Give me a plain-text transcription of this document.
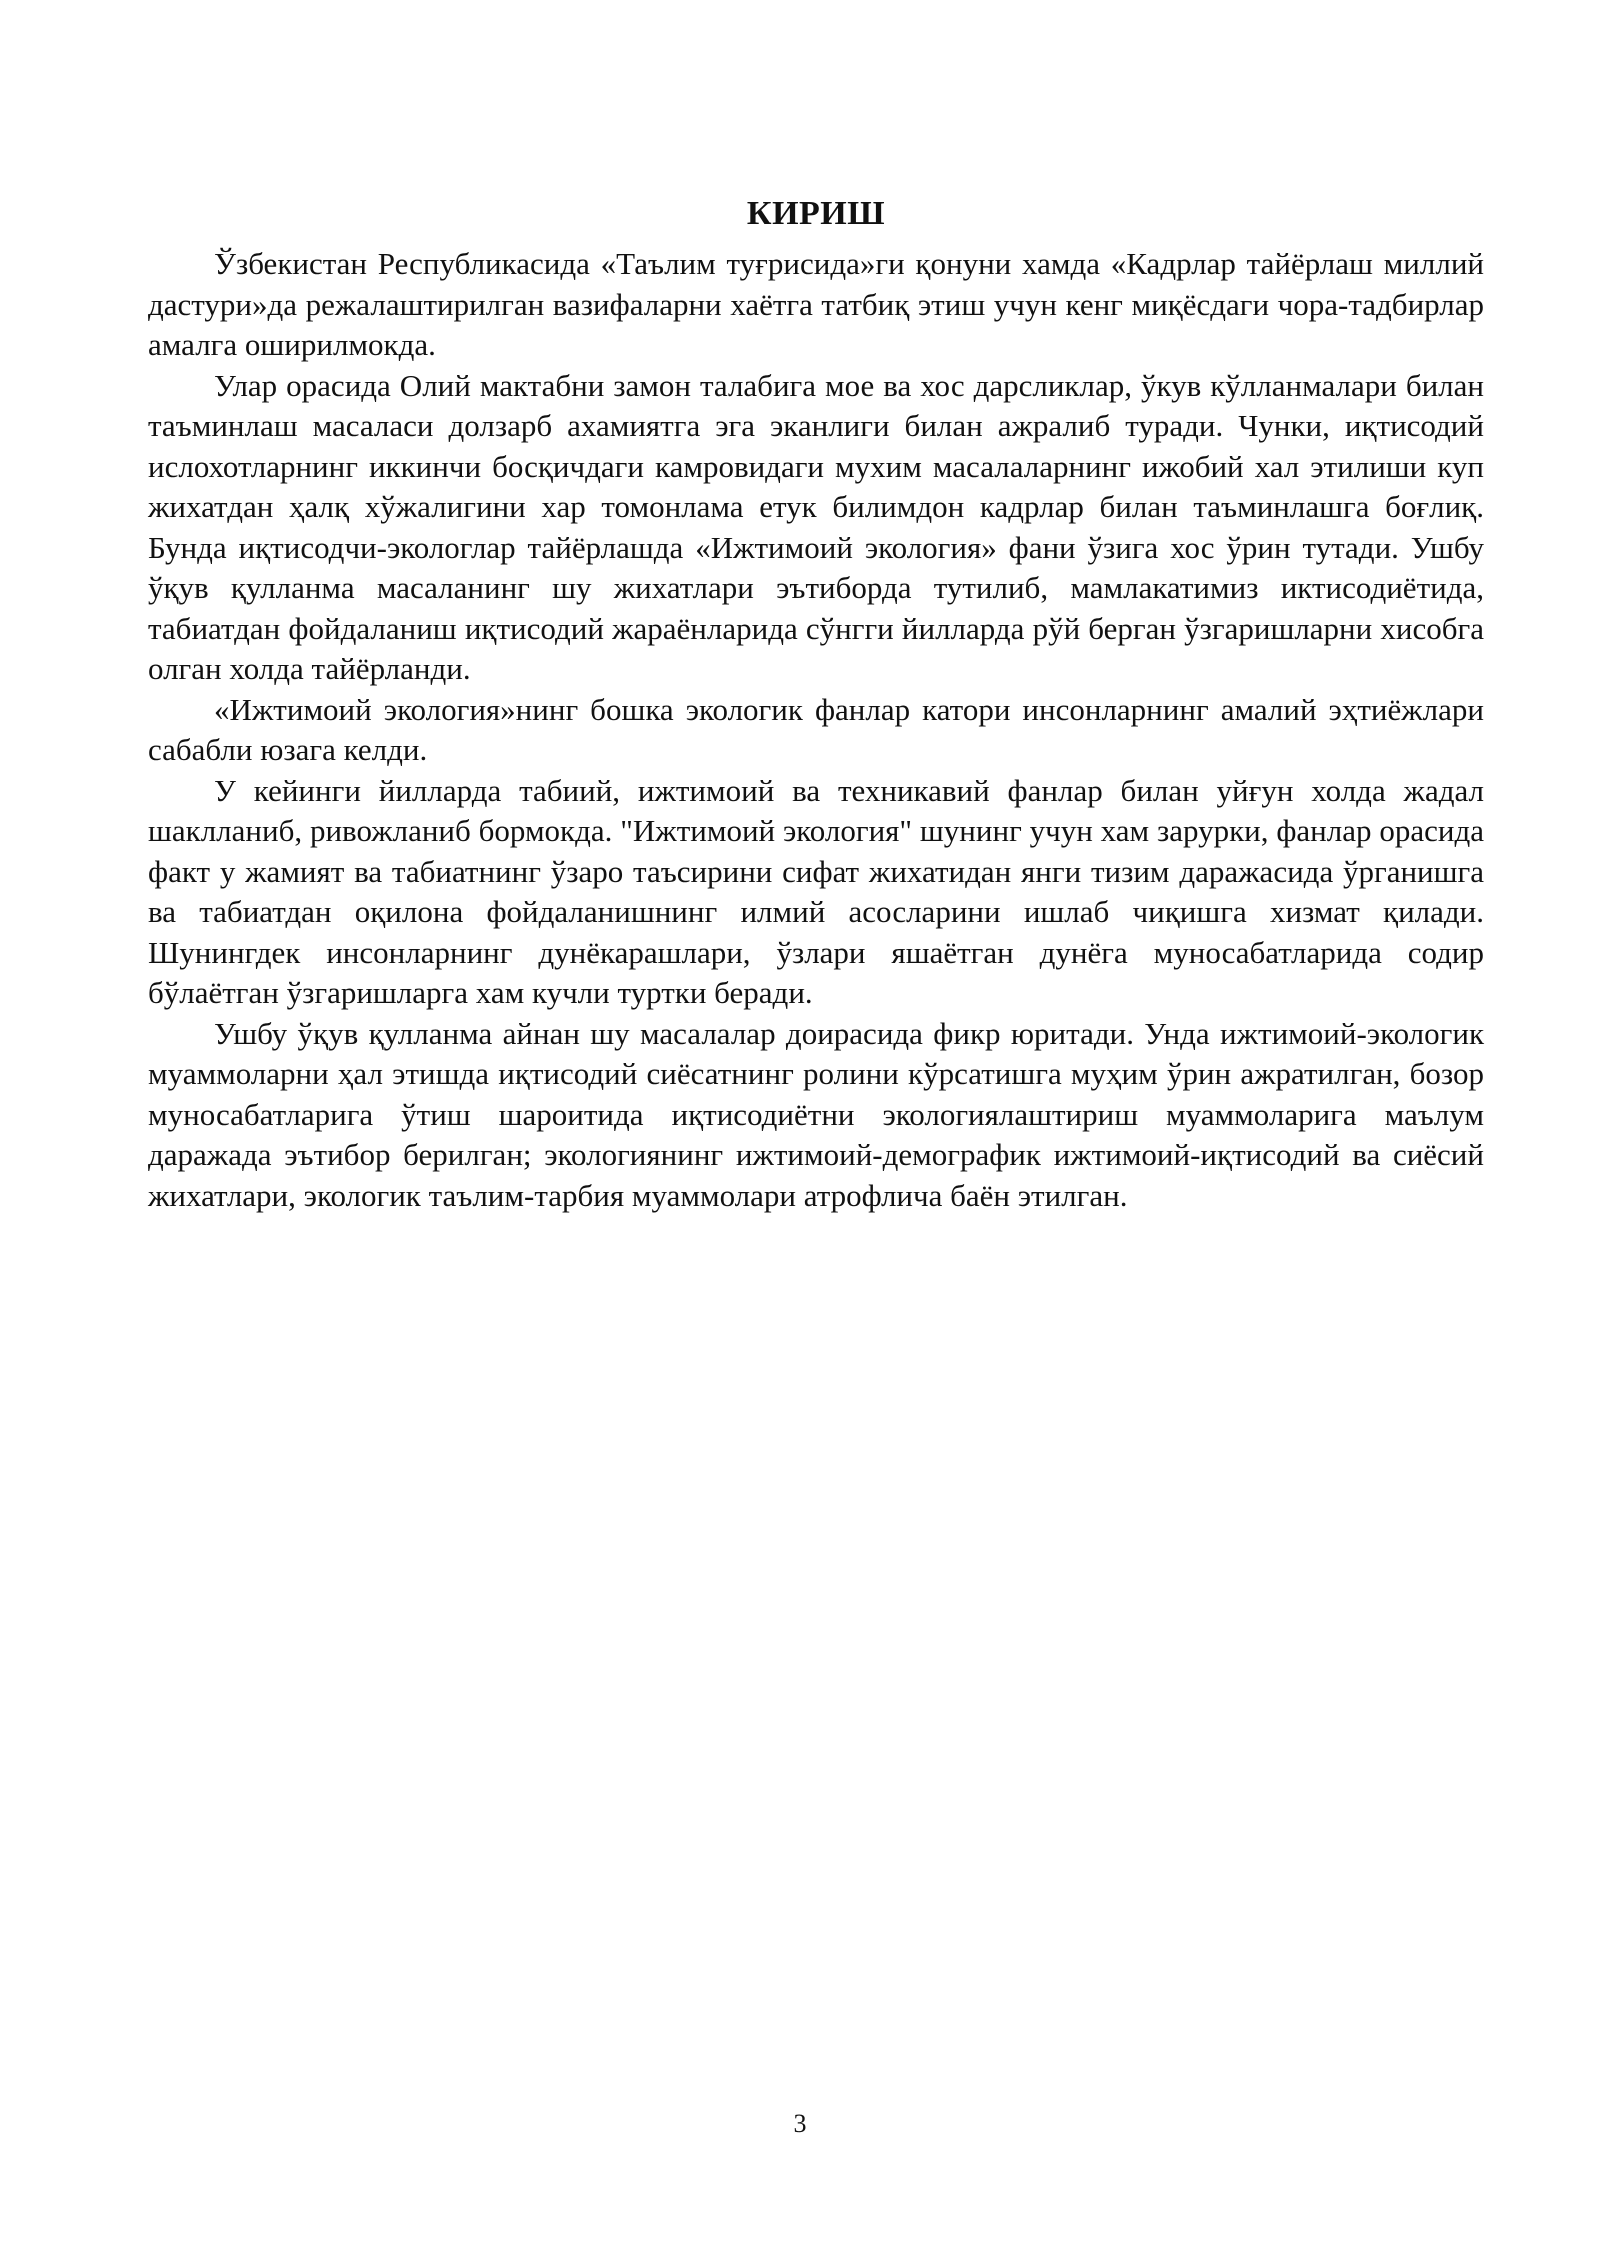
КИРИШ

Ўзбекистан Республикасида «Таълим туғрисида»ги қонуни хамда «Кадрлар тайёрлаш миллий дастури»да режалаштирилган вазифаларни хаётга татбиқ этиш учун кенг миқёсдаги чора-тадбирлар амалга оширилмокда.

Улар орасида Олий мактабни замон талабига мое ва хос дарсликлар, ўкув кўлланмалари билан таъминлаш масаласи долзарб ахамиятга эга эканлиги билан ажралиб туради. Чунки, иқтисодий ислохотларнинг иккинчи босқичдаги камровидаги мухим масалаларнинг ижобий хал этилиши куп жихатдан ҳалқ хўжалигини хар томонлама етук билимдон кадрлар билан таъминлашга боғлиқ. Бунда иқтисодчи-экологлар тайёрлашда «Ижтимоий экология» фани ўзига хос ўрин тутади. Ушбу ўқув қулланма масаланинг шу жихатлари эътиборда тутилиб, мамлакатимиз иктисодиётида, табиатдан фойдаланиш иқтисодий жараёнларида сўнгги йилларда рўй берган ўзгаришларни хисобга олган холда тайёрланди.

«Ижтимоий экология»нинг бошка экологик фанлар катори инсонларнинг амалий эҳтиёжлари сабабли юзага келди.

У кейинги йилларда табиий, ижтимоий ва техникавий фанлар билан уйғун холда жадал шаклланиб, ривожланиб бормокда. "Ижтимоий экология" шунинг учун хам зарурки, фанлар орасида факт у жамият ва табиатнинг ўзаро таъсирини сифат жихатидан янги тизим даражасида ўрганишга ва табиатдан оқилона фойдаланишнинг илмий асосларини ишлаб чиқишга хизмат қилади. Шунингдек инсонларнинг дунёкарашлари, ўзлари яшаётган дунёга муносабатларида содир бўлаётган ўзгаришларга хам кучли туртки беради.

Ушбу ўқув қулланма айнан шу масалалар доирасида фикр юритади. Унда ижтимоий-экологик муаммоларни ҳал этишда иқтисодий сиёсатнинг ролини кўрсатишга муҳим ўрин ажратилган, бозор муносабатларига ўтиш шароитида иқтисодиётни экологиялаштириш муаммоларига маълум даражада эътибор берилган; экологиянинг ижтимоий-демографик ижтимоий-иқтисодий ва сиёсий жихатлари, экологик таълим-тарбия муаммолари атрофлича баён этилган.

3
